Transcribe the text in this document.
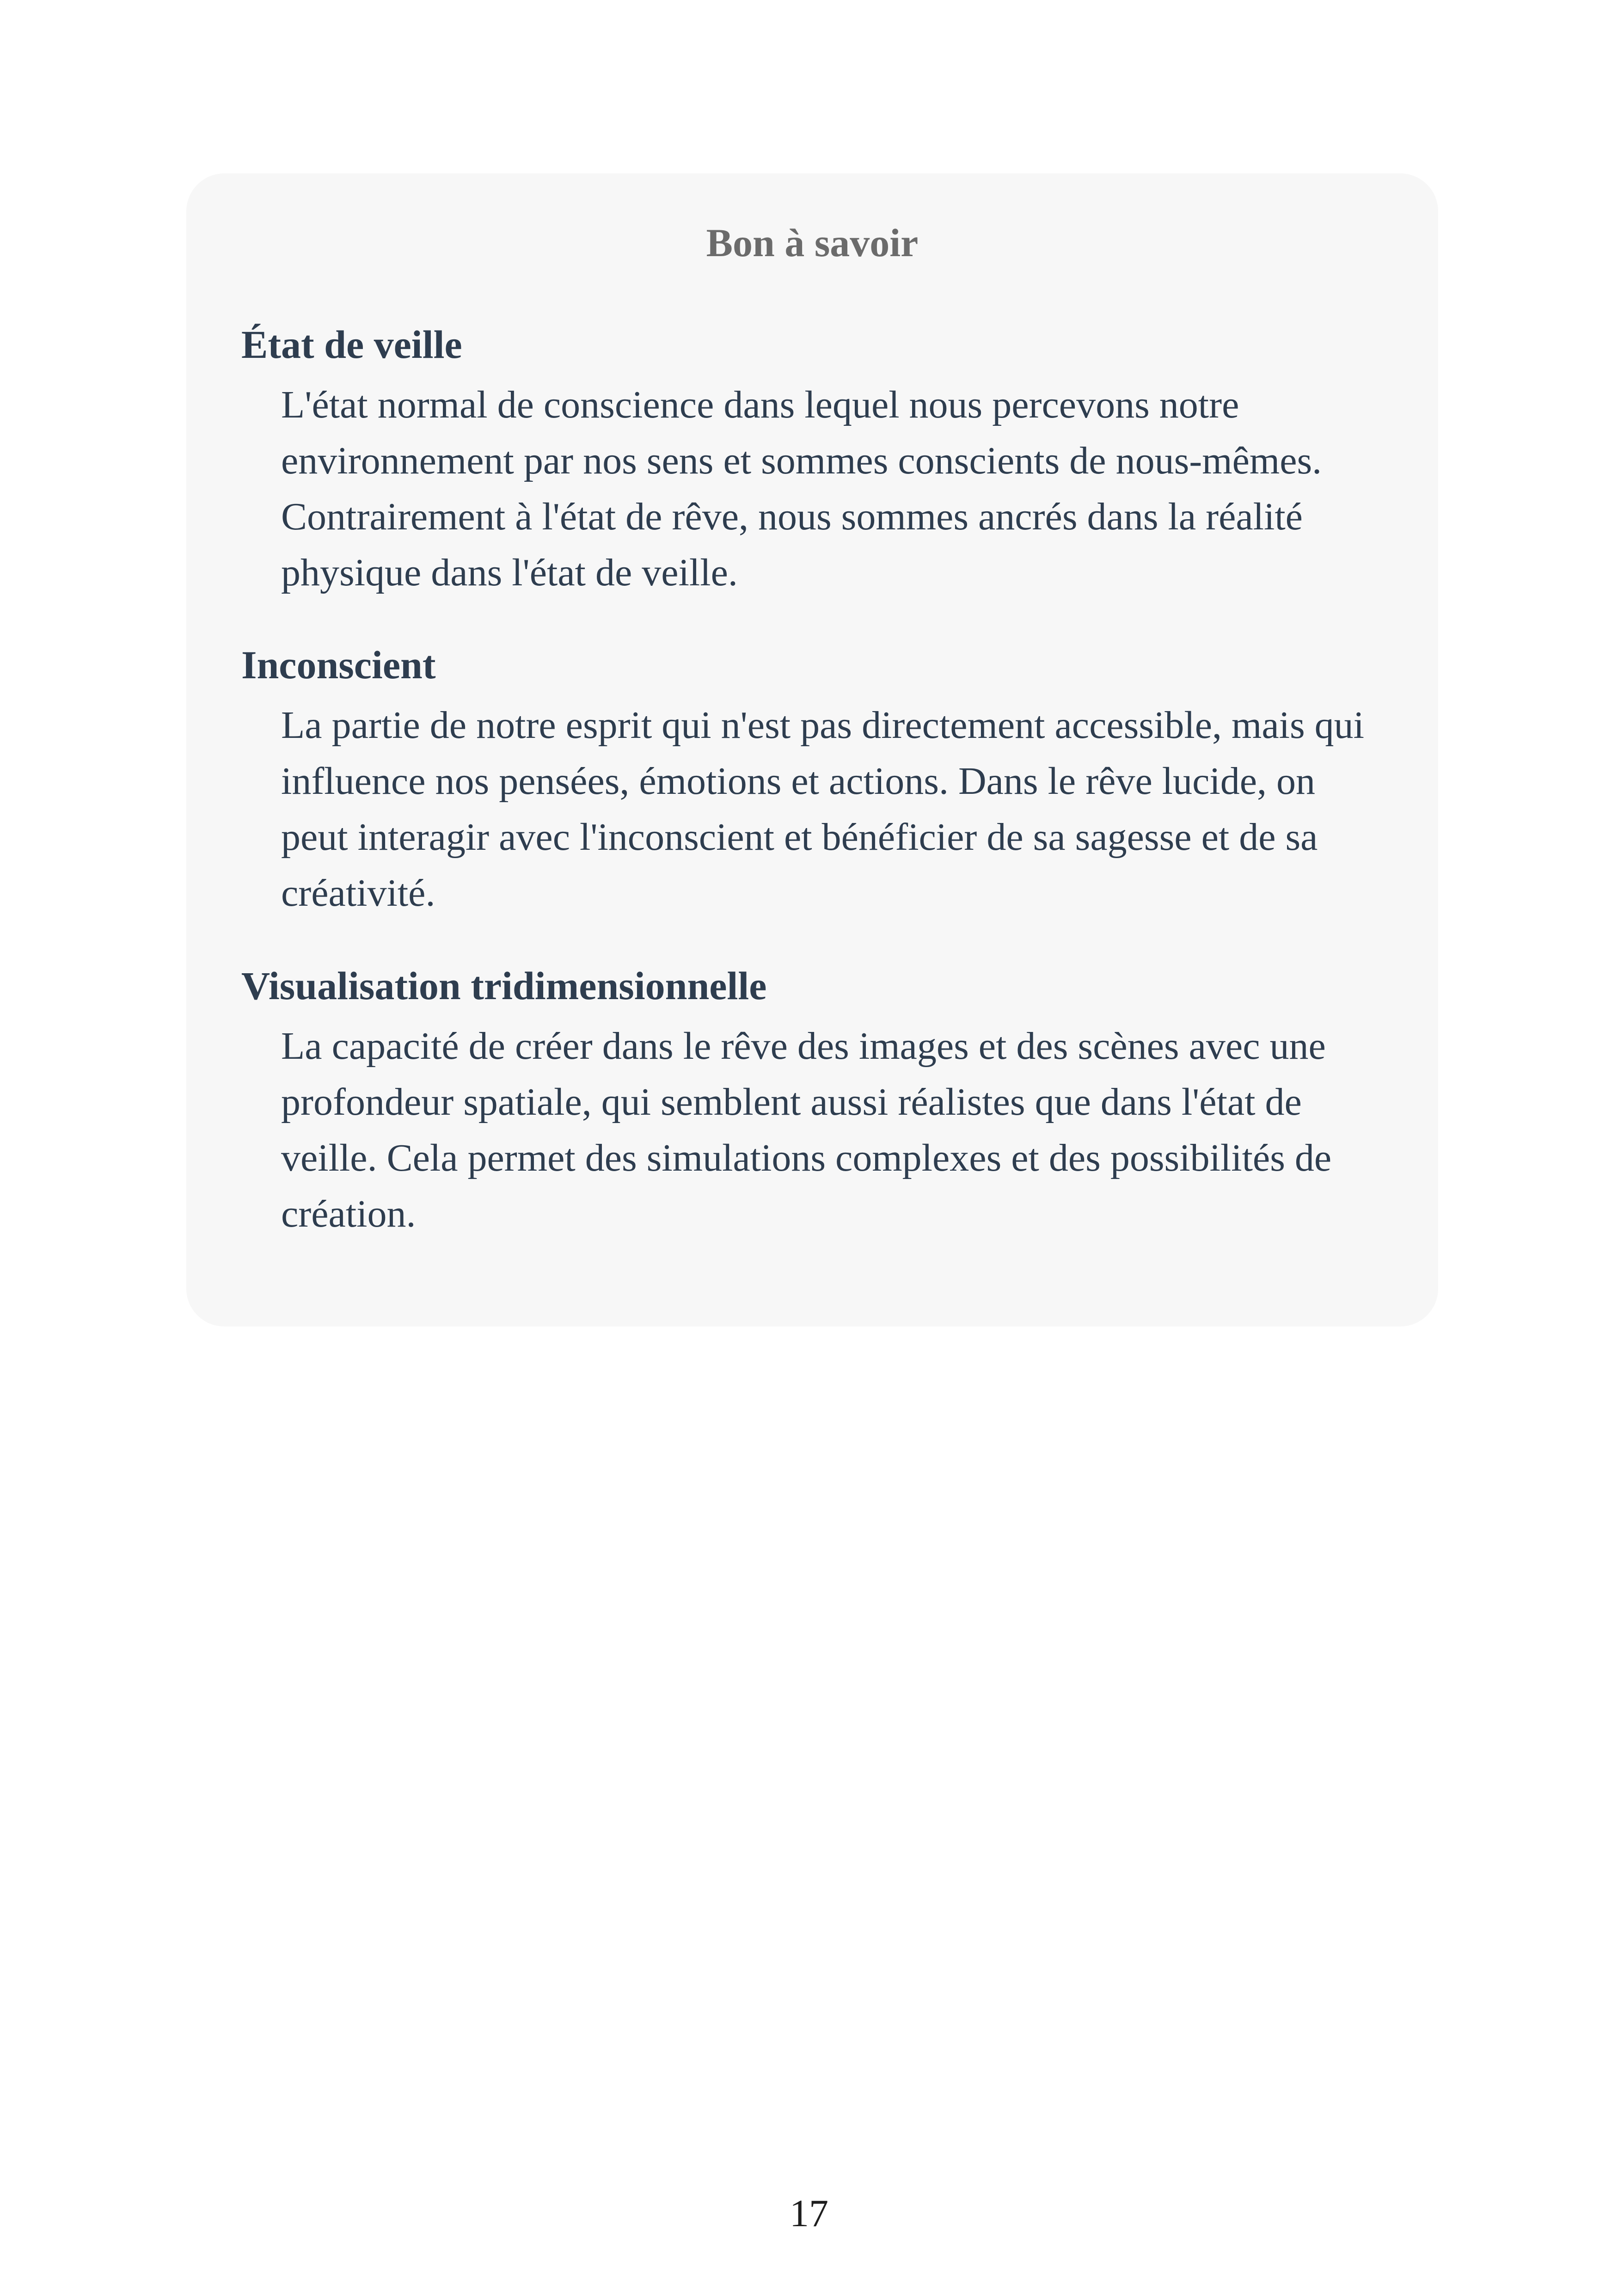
Bon à savoir

État de veille

L'état normal de conscience dans lequel nous percevons notre environnement par nos sens et sommes conscients de nous-mêmes. Contrairement à l'état de rêve, nous sommes ancrés dans la réalité physique dans l'état de veille.

Inconscient

La partie de notre esprit qui n'est pas directement accessible, mais qui influence nos pensées, émotions et actions. Dans le rêve lucide, on peut interagir avec l'inconscient et bénéficier de sa sagesse et de sa créativité.

Visualisation tridimensionnelle

La capacité de créer dans le rêve des images et des scènes avec une profondeur spatiale, qui semblent aussi réalistes que dans l'état de veille. Cela permet des simulations complexes et des possibilités de création.

17
